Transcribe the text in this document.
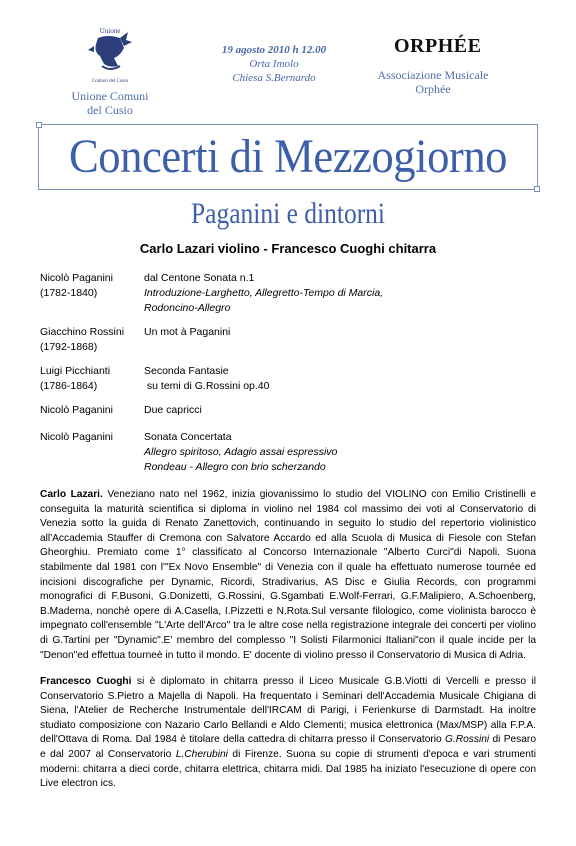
Unione
Comuni del Cusio
Unione Comuni
del Cusio
19 agosto 2010 h 12.00
Orta Imolo
Chiesa S.Bernardo
ORPHÉE
Associazione Musicale
Orphée
Concerti di Mezzogiorno
Paganini e dintorni
Carlo Lazari violino - Francesco Cuoghi chitarra
Nicolò Paganini
(1782-1840)
dal Centone Sonata n.1
Introduzione-Larghetto, Allegretto-Tempo di Marcia,
Rodoncino-Allegro
Giacchino Rossini
(1792-1868)
Un mot à Paganini
Luigi Picchianti
(1786-1864)
Seconda Fantasie
su temi di G.Rossini op.40
Nicolò Paganini	Due capricci
Nicolò Paganini	Sonata Concertata
Allegro spiritoso, Adagio assai espressivo
Rondeau - Allegro con brio scherzando
Carlo Lazari. Veneziano nato nel 1962, inizia giovanissimo lo studio del VIOLINO con Emilio Cristinelli e conseguita la maturità scientifica si diploma in violino nel 1984 col massimo dei voti al Conservatorio di Venezia sotto la guida di Renato Zanettovich, continuando in seguito lo studio del repertorio violinistico all'Accademia Stauffer di Cremona con Salvatore Accardo ed alla Scuola di Musica di Fiesole con Stefan Gheorghiu. Premiato come 1° classificato al Concorso Internazionale "Alberto Curci"di Napoli. Suona stabilmente dal 1981 con l'"Ex Novo Ensemble" di Venezia con il quale ha effettuato numerose tournée ed incisioni discografiche per Dynamic, Ricordi, Stradivarius, AS Disc e Giulia Records, con programmi monografici di F.Busoni, G.Donizetti, G.Rossini, G.Sgambati E.Wolf-Ferrari, G.F.Malipiero, A.Schoenberg, B.Maderna, nonchè opere di A.Casella, I.Pizzetti e N.Rota.Sul versante filologico, come violinista barocco è impegnato coll'ensemble "L'Arte dell'Arco" tra le altre cose nella registrazione integrale dei concerti per violino di G.Tartini per "Dynamic".E' membro del complesso "I Solisti Filarmonici Italiani"con il quale incide per la "Denon"ed effettua tourneè in tutto il mondo. E' docente di violino presso il Conservatorio di Musica di Adria.
Francesco Cuoghi si è diplomato in chitarra presso il Liceo Musicale G.B.Viotti di Vercelli e presso il Conservatorio S.Pietro a Majella di Napoli. Ha frequentato i Seminari dell'Accademia Musicale Chigiana di Siena, l'Atelier de Recherche Instrumentale dell'IRCAM di Parigi, i Ferienkurse di Darmstadt. Ha inoltre studiato composizione con Nazario Carlo Bellandi e Aldo Clementi; musica elettronica (Max/MSP) alla F.P.A. dell'Ottava di Roma. Dal 1984 è titolare della cattedra di chitarra presso il Conservatorio G.Rossini di Pesaro e dal 2007 al Conservatorio L.Cherubini di Firenze. Suona su copie di strumenti d'epoca e vari strumenti moderni: chitarra a dieci corde, chitarra elettrica, chitarra midi. Dal 1985 ha iniziato l'esecuzione di opere con Live electron ics.
